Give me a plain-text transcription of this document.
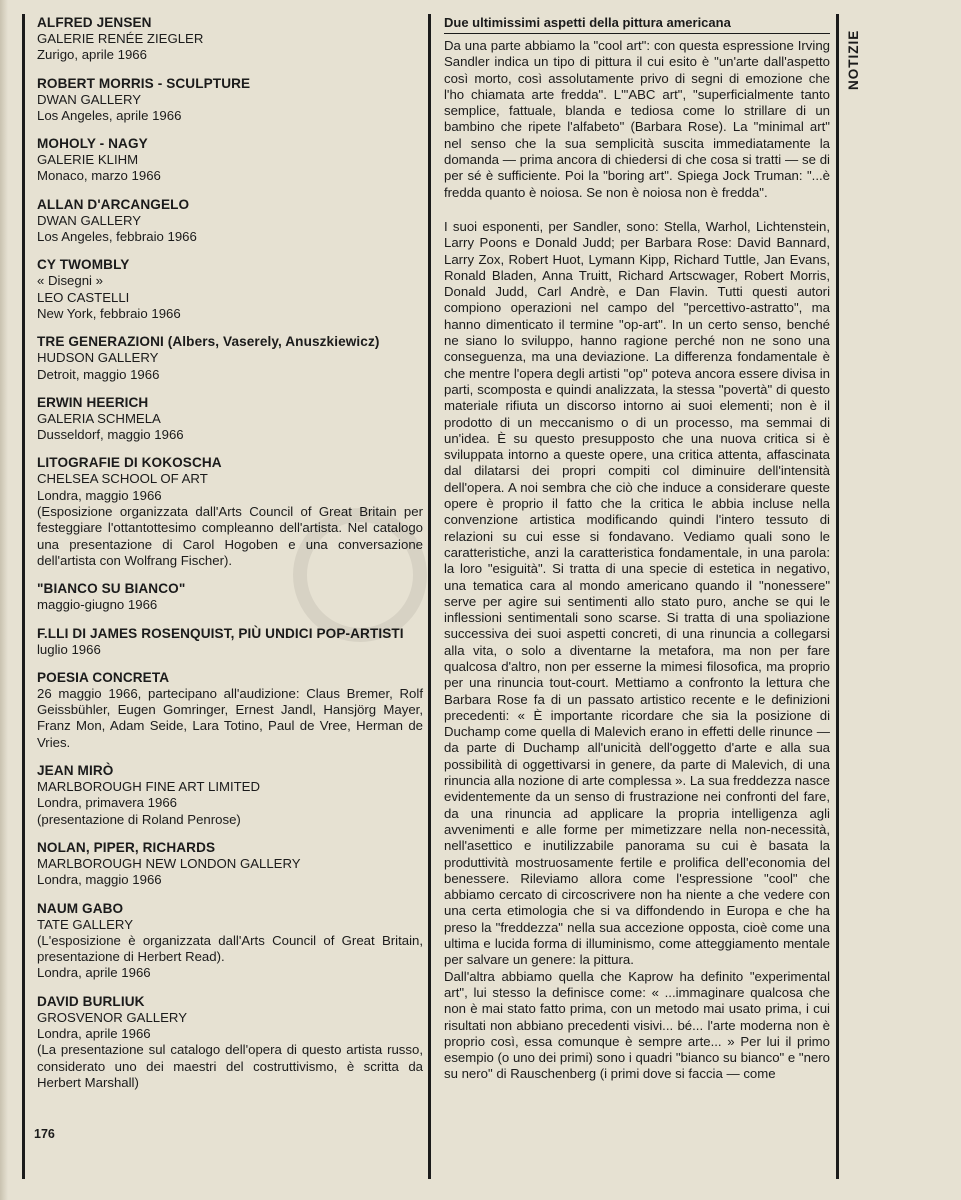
ALFRED JENSEN
GALERIE RENÉE ZIEGLER
Zurigo, aprile 1966
ROBERT MORRIS - SCULPTURE
DWAN GALLERY
Los Angeles, aprile 1966
MOHOLY - NAGY
GALERIE KLIHM
Monaco, marzo 1966
ALLAN D'ARCANGELO
DWAN GALLERY
Los Angeles, febbraio 1966
CY TWOMBLY
« Disegni »
LEO CASTELLI
New York, febbraio 1966
TRE GENERAZIONI (Albers, Vaserely, Anuszkiewicz)
HUDSON GALLERY
Detroit, maggio 1966
ERWIN HEERICH
GALERIA SCHMELA
Dusseldorf, maggio 1966
LITOGRAFIE DI KOKOSCHA
CHELSEA SCHOOL OF ART
Londra, maggio 1966
(Esposizione organizzata dall'Arts Council of Great Britain per festeggiare l'ottantottesimo compleanno dell'artista. Nel catalogo una presentazione di Carol Hogoben e una conversazione dell'artista con Wolfrang Fischer).
"BIANCO SU BIANCO"
maggio-giugno 1966
F.LLI DI JAMES ROSENQUIST, PIÙ UNDICI POP-ARTISTI
luglio 1966
POESIA CONCRETA
26 maggio 1966, partecipano all'audizione: Claus Bremer, Rolf Geissbühler, Eugen Gomringer, Ernest Jandl, Hansjörg Mayer, Franz Mon, Adam Seide, Lara Totino, Paul de Vree, Herman de Vries.
JEAN MIRÒ
MARLBOROUGH FINE ART LIMITED
Londra, primavera 1966
(presentazione di Roland Penrose)
NOLAN, PIPER, RICHARDS
MARLBOROUGH NEW LONDON GALLERY
Londra, maggio 1966
NAUM GABO
TATE GALLERY
(L'esposizione è organizzata dall'Arts Council of Great Britain, presentazione di Herbert Read).
Londra, aprile 1966
DAVID BURLIUK
GROSVENOR GALLERY
Londra, aprile 1966
(La presentazione sul catalogo dell'opera di questo artista russo, considerato uno dei maestri del costruttivismo, è scritta da Herbert Marshall)
176
Due ultimissimi aspetti della pittura americana

Da una parte abbiamo la "cool art": con questa espressione Irving Sandler indica un tipo di pittura il cui esito è "un'arte dall'aspetto così morto, così assolutamente privo di segni di emozione che l'ho chiamata arte fredda". L'"ABC art", "superficialmente tanto semplice, fattuale, blanda e tediosa come lo strillare di un bambino che ripete l'alfabeto" (Barbara Rose). La "minimal art" nel senso che la sua semplicità suscita immediatamente la domanda — prima ancora di chiedersi di che cosa si tratti — se di per sé è sufficiente. Poi la "boring art". Spiega Jock Truman: "...è fredda quanto è noiosa. Se non è noiosa non è fredda".

I suoi esponenti, per Sandler, sono: Stella, Warhol, Lichtenstein, Larry Poons e Donald Judd; per Barbara Rose: David Bannard, Larry Zox, Robert Huot, Lymann Kipp, Richard Tuttle, Jan Evans, Ronald Bladen, Anna Truitt, Richard Artscwager, Robert Morris, Donald Judd, Carl Andrè, e Dan Flavin. Tutti questi autori compiono operazioni nel campo del "percettivo-astratto", ma hanno dimenticato il termine "op-art". In un certo senso, benché ne siano lo sviluppo, hanno ragione perché non ne sono una conseguenza, ma una deviazione. La differenza fondamentale è che mentre l'opera degli artisti "op" poteva ancora essere divisa in parti, scomposta e quindi analizzata, la stessa "povertà" di questo materiale rifiuta un discorso intorno ai suoi elementi; non è il prodotto di un meccanismo o di un processo, ma semmai di un'idea. È su questo presupposto che una nuova critica si è sviluppata intorno a queste opere, una critica attenta, affascinata dal dilatarsi dei propri compiti col diminuire dell'intensità dell'opera. A noi sembra che ciò che induce a considerare queste opere è proprio il fatto che la critica le abbia incluse nella convenzione artistica modificando quindi l'intero tessuto di relazioni su cui esse si fondavano. Vediamo quali sono le caratteristiche, anzi la caratteristica fondamentale, in una parola: la loro "esiguità". Si tratta di una specie di estetica in negativo, una tematica cara al mondo americano quando il "nonessere" serve per agire sui sentimenti allo stato puro, anche se qui le inflessioni sentimentali sono scarse. Si tratta di una spoliazione successiva dei suoi aspetti concreti, di una rinuncia a collegarsi alla vita, o solo a diventarne la metafora, ma non per fare qualcosa d'altro, non per esserne la mimesi filosofica, ma proprio per una rinuncia tout-court. Mettiamo a confronto la lettura che Barbara Rose fa di un passato artistico recente e le definizioni precedenti: « È importante ricordare che sia la posizione di Duchamp come quella di Malevich erano in effetti delle rinunce — da parte di Duchamp all'unicità dell'oggetto d'arte e alla sua possibilità di oggettivarsi in genere, da parte di Malevich, di una rinuncia alla nozione di arte complessa ». La sua freddezza nasce evidentemente da un senso di frustrazione nei confronti del fare, da una rinuncia ad applicare la propria intelligenza agli avvenimenti e alle forme per mimetizzare nella non-necessità, nell'asettico e inutilizzabile panorama su cui è basata la produttività mostruosamente fertile e prolifica dell'economia del benessere. Rileviamo allora come l'espressione "cool" che abbiamo cercato di circoscrivere non ha niente a che vedere con una certa etimologia che si va diffondendo in Europa e che ha preso la "freddezza" nella sua accezione opposta, cioè come una ultima e lucida forma di illuminismo, come atteggiamento mentale per salvare un genere: la pittura.

Dall'altra abbiamo quella che Kaprow ha definito "experimental art", lui stesso la definisce come: « ...immaginare qualcosa che non è mai stato fatto prima, con un metodo mai usato prima, i cui risultati non abbiano precedenti visivi... bé... l'arte moderna non è proprio così, essa comunque è sempre arte... » Per lui il primo esempio (o uno dei primi) sono i quadri "bianco su bianco" e "nero su nero" di Rauschenberg (i primi dove si faccia — come

NOTIZIE
